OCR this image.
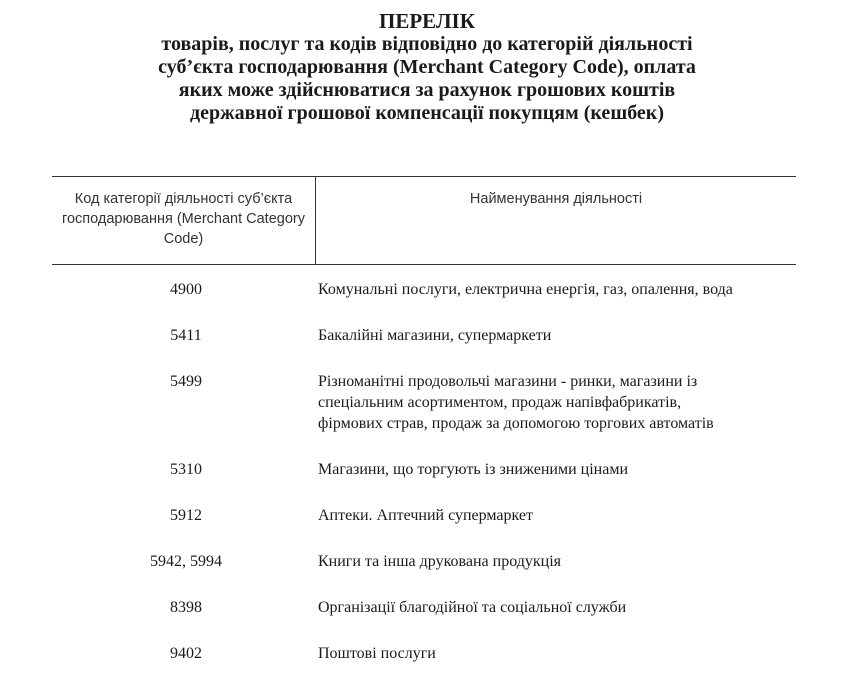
ПЕРЕЛІК

товарів, послуг та кодів відповідно до категорій діяльності

суб’єкта господарювання (Merchant Category Code), оплата

яких може здійснюватися за рахунок грошових коштів

державної грошової компенсації покупцям (кешбек)

Код категорії діяльності суб’єкта господарювання (Merchant Category Code)
Найменування діяльності
4900	Комунальні послуги, електрична енергія, газ, опалення, вода
5411	Бакалійні магазини, супермаркети
5499	Різноманітні продовольчі магазини - ринки, магазини із
спеціальним асортиментом, продаж напівфабрикатів,
фірмових страв, продаж за допомогою торгових автоматів
5310	Магазини, що торгують із зниженими цінами
5912	Аптеки. Аптечний супермаркет
5942, 5994	Книги та інша друкована продукція
8398	Організації благодійної та соціальної служби
9402	Поштові послуги
